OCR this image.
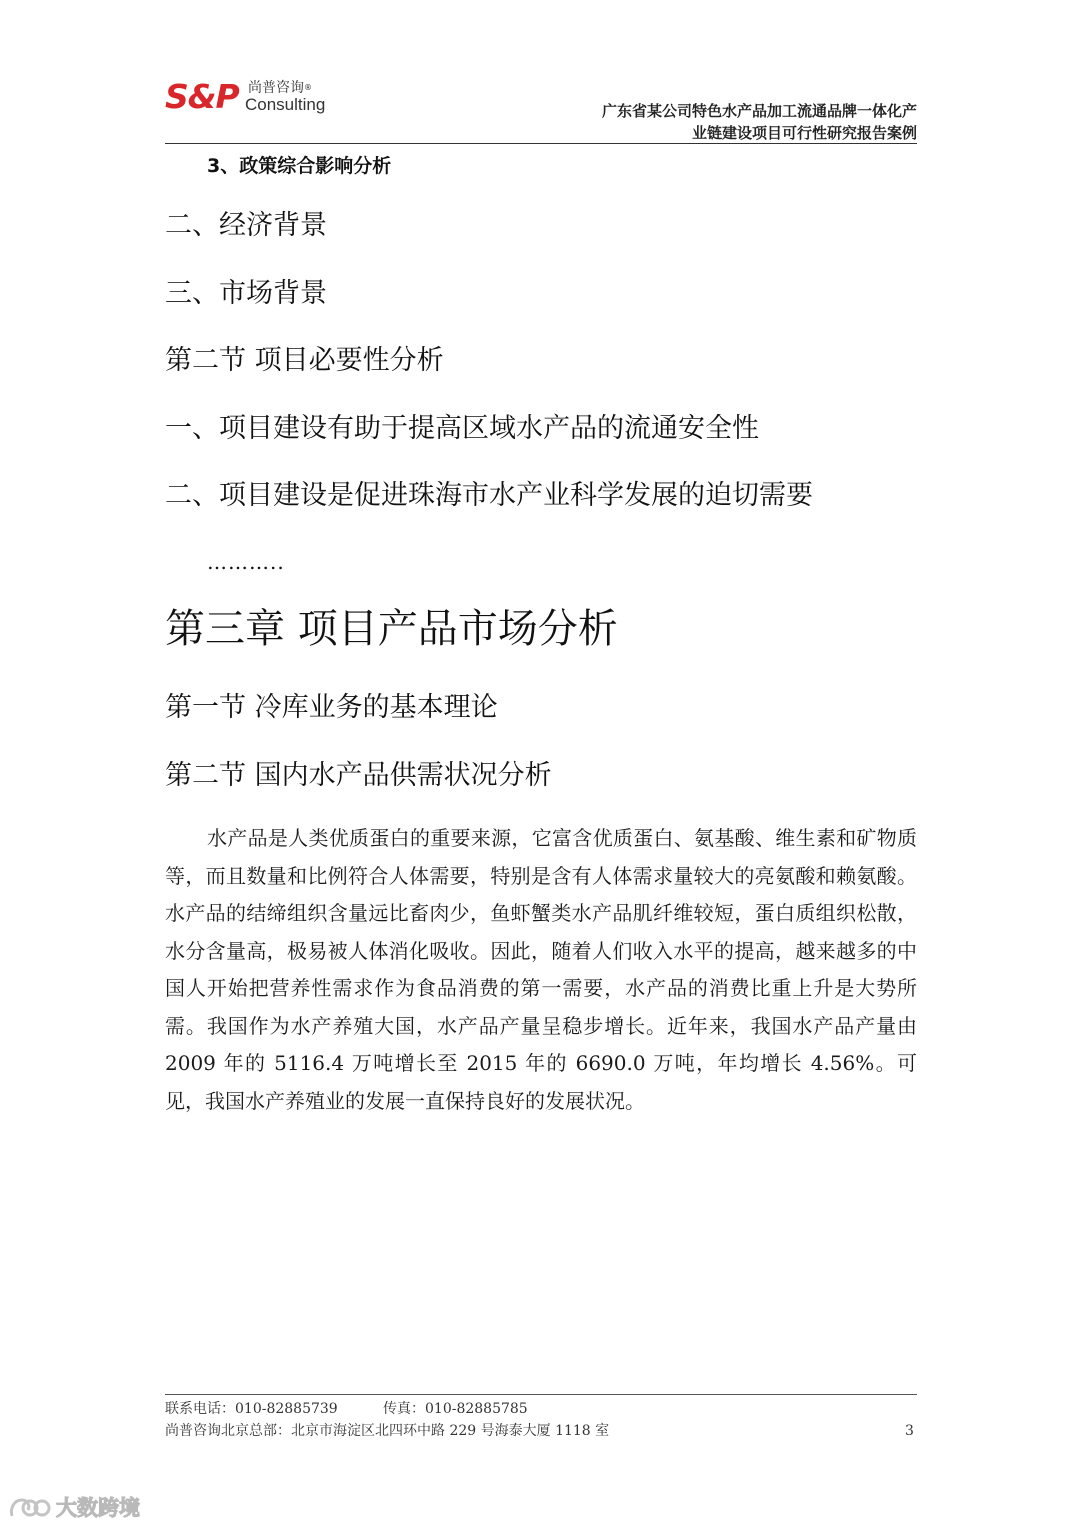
S&P 尚普咨询®
Consulting	广东省某公司特色水产品加工流通品牌一体化产
业链建设项目可行性研究报告案例
3、政策综合影响分析
二、经济背景
三、市场背景
第二节 项目必要性分析
一、项目建设有助于提高区域水产品的流通安全性
二、项目建设是促进珠海市水产业科学发展的迫切需要
………..
第三章 项目产品市场分析
第一节 冷库业务的基本理论
第二节 国内水产品供需状况分析

水产品是人类优质蛋白的重要来源，它富含优质蛋白、氨基酸、维生素和矿物质等，而且数量和比例符合人体需要，特别是含有人体需求量较大的亮氨酸和赖氨酸。水产品的结缔组织含量远比畜肉少，鱼虾蟹类水产品肌纤维较短，蛋白质组织松散，水分含量高，极易被人体消化吸收。因此，随着人们收入水平的提高，越来越多的中国人开始把营养性需求作为食品消费的第一需要，水产品的消费比重上升是大势所需。我国作为水产养殖大国，水产品产量呈稳步增长。近年来，我国水产品产量由 2009 年的 5116.4 万吨增长至 2015 年的 6690.0 万吨，年均增长 4.56%。可见，我国水产养殖业的发展一直保持良好的发展状况。

联系电话：010-82885739	传真：010-82885785
尚普咨询北京总部：北京市海淀区北四环中路 229 号海泰大厦 1118 室	3
大数跨境
